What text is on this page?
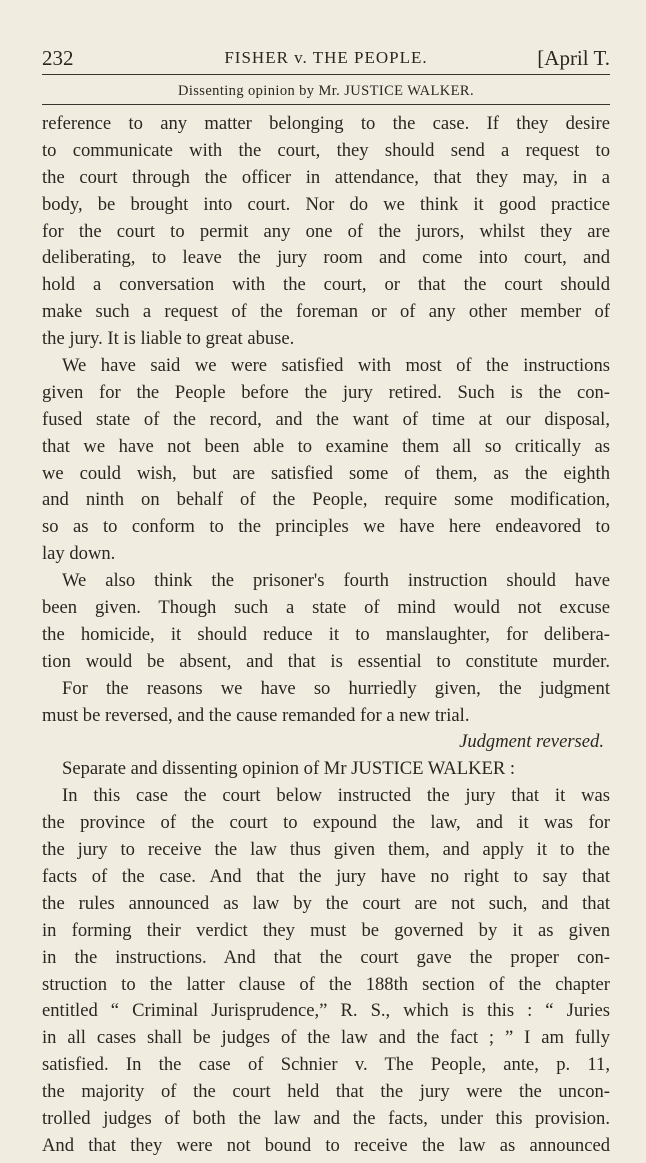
232	FISHER v. THE PEOPLE.	[April T.
Dissenting opinion by Mr. JUSTICE WALKER.
reference to any matter belonging to the case. If they desire
to communicate with the court, they should send a request to
the court through the officer in attendance, that they may, in a
body, be brought into court. Nor do we think it good practice
for the court to permit any one of the jurors, whilst they are
deliberating, to leave the jury room and come into court, and
hold a conversation with the court, or that the court should
make such a request of the foreman or of any other member of
the jury. It is liable to great abuse.
We have said we were satisfied with most of the instructions
given for the People before the jury retired. Such is the con-
fused state of the record, and the want of time at our disposal,
that we have not been able to examine them all so critically as
we could wish, but are satisfied some of them, as the eighth
and ninth on behalf of the People, require some modification,
so as to conform to the principles we have here endeavored to
lay down.
We also think the prisoner's fourth instruction should have
been given. Though such a state of mind would not excuse
the homicide, it should reduce it to manslaughter, for delibera-
tion would be absent, and that is essential to constitute murder.
For the reasons we have so hurriedly given, the judgment
must be reversed, and the cause remanded for a new trial.
Judgment reversed.
Separate and dissenting opinion of Mr JUSTICE WALKER :
In this case the court below instructed the jury that it was
the province of the court to expound the law, and it was for
the jury to receive the law thus given them, and apply it to the
facts of the case. And that the jury have no right to say that
the rules announced as law by the court are not such, and that
in forming their verdict they must be governed by it as given
in the instructions. And that the court gave the proper con-
struction to the latter clause of the 188th section of the chapter
entitled “ Criminal Jurisprudence,” R. S., which is this : “ Juries
in all cases shall be judges of the law and the fact ; ” I am fully
satisfied. In the case of Schnier v. The People, ante, p. 11,
the majority of the court held that the jury were the uncon-
trolled judges of both the law and the facts, under this provision.
And that they were not bound to receive the law as announced
